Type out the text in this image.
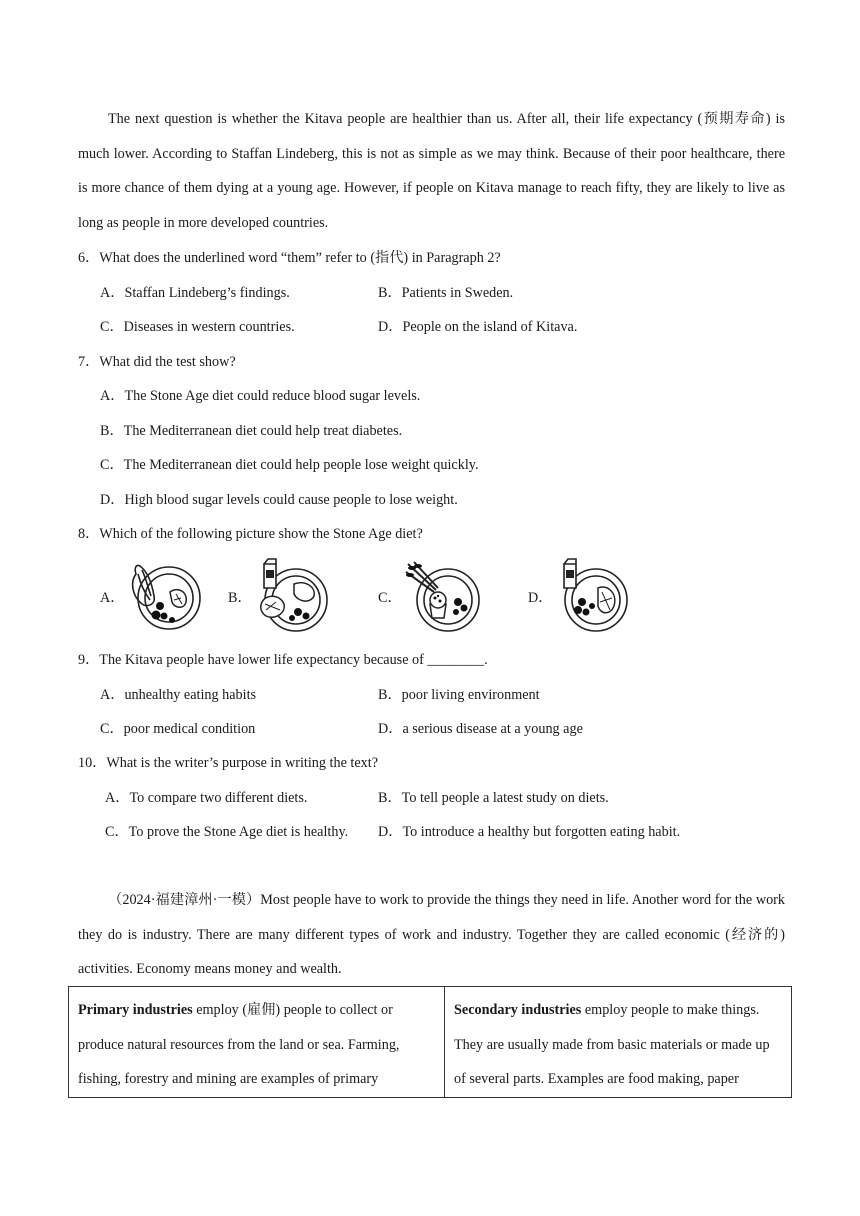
The next question is whether the Kitava people are healthier than us. After all, their life expectancy (预期寿命) is much lower. According to Staffan Lindeberg, this is not as simple as we may think. Because of their poor healthcare, there is more chance of them dying at a young age. However, if people on Kitava manage to reach fifty, they are likely to live as long as people in more developed countries.

6．What does the underlined word “them” refer to (指代) in Paragraph 2?
A．Staffan Lindeberg’s findings.	B．Patients in Sweden.
C．Diseases in western countries.	D．People on the island of Kitava.
7．What did the test show?
A．The Stone Age diet could reduce blood sugar levels.
B．The Mediterranean diet could help treat diabetes.
C．The Mediterranean diet could help people lose weight quickly.
D．High blood sugar levels could cause people to lose weight.
8．Which of the following picture show the Stone Age diet?
A．	B．	C．	D．
9．The Kitava people have lower life expectancy because of ________.
A．unhealthy eating habits	B．poor living environment
C．poor medical condition	D．a serious disease at a young age
10．What is the writer’s purpose in writing the text?
A．To compare two different diets.	B．To tell people a latest study on diets.
C．To prove the Stone Age diet is healthy. D．To introduce a healthy but forgotten eating habit.

（2024·福建漳州·一模）Most people have to work to provide the things they need in life. Another word for the work they do is industry. There are many different types of work and industry. Together they are called economic (经济的) activities. Economy means money and wealth.

Primary industries employ (雇佣) people to collect or produce natural resources from the land or sea. Farming, fishing, forestry and mining are examples of primary	Secondary industries employ people to make things. They are usually made from basic materials or made up of several parts. Examples are food making, paper
